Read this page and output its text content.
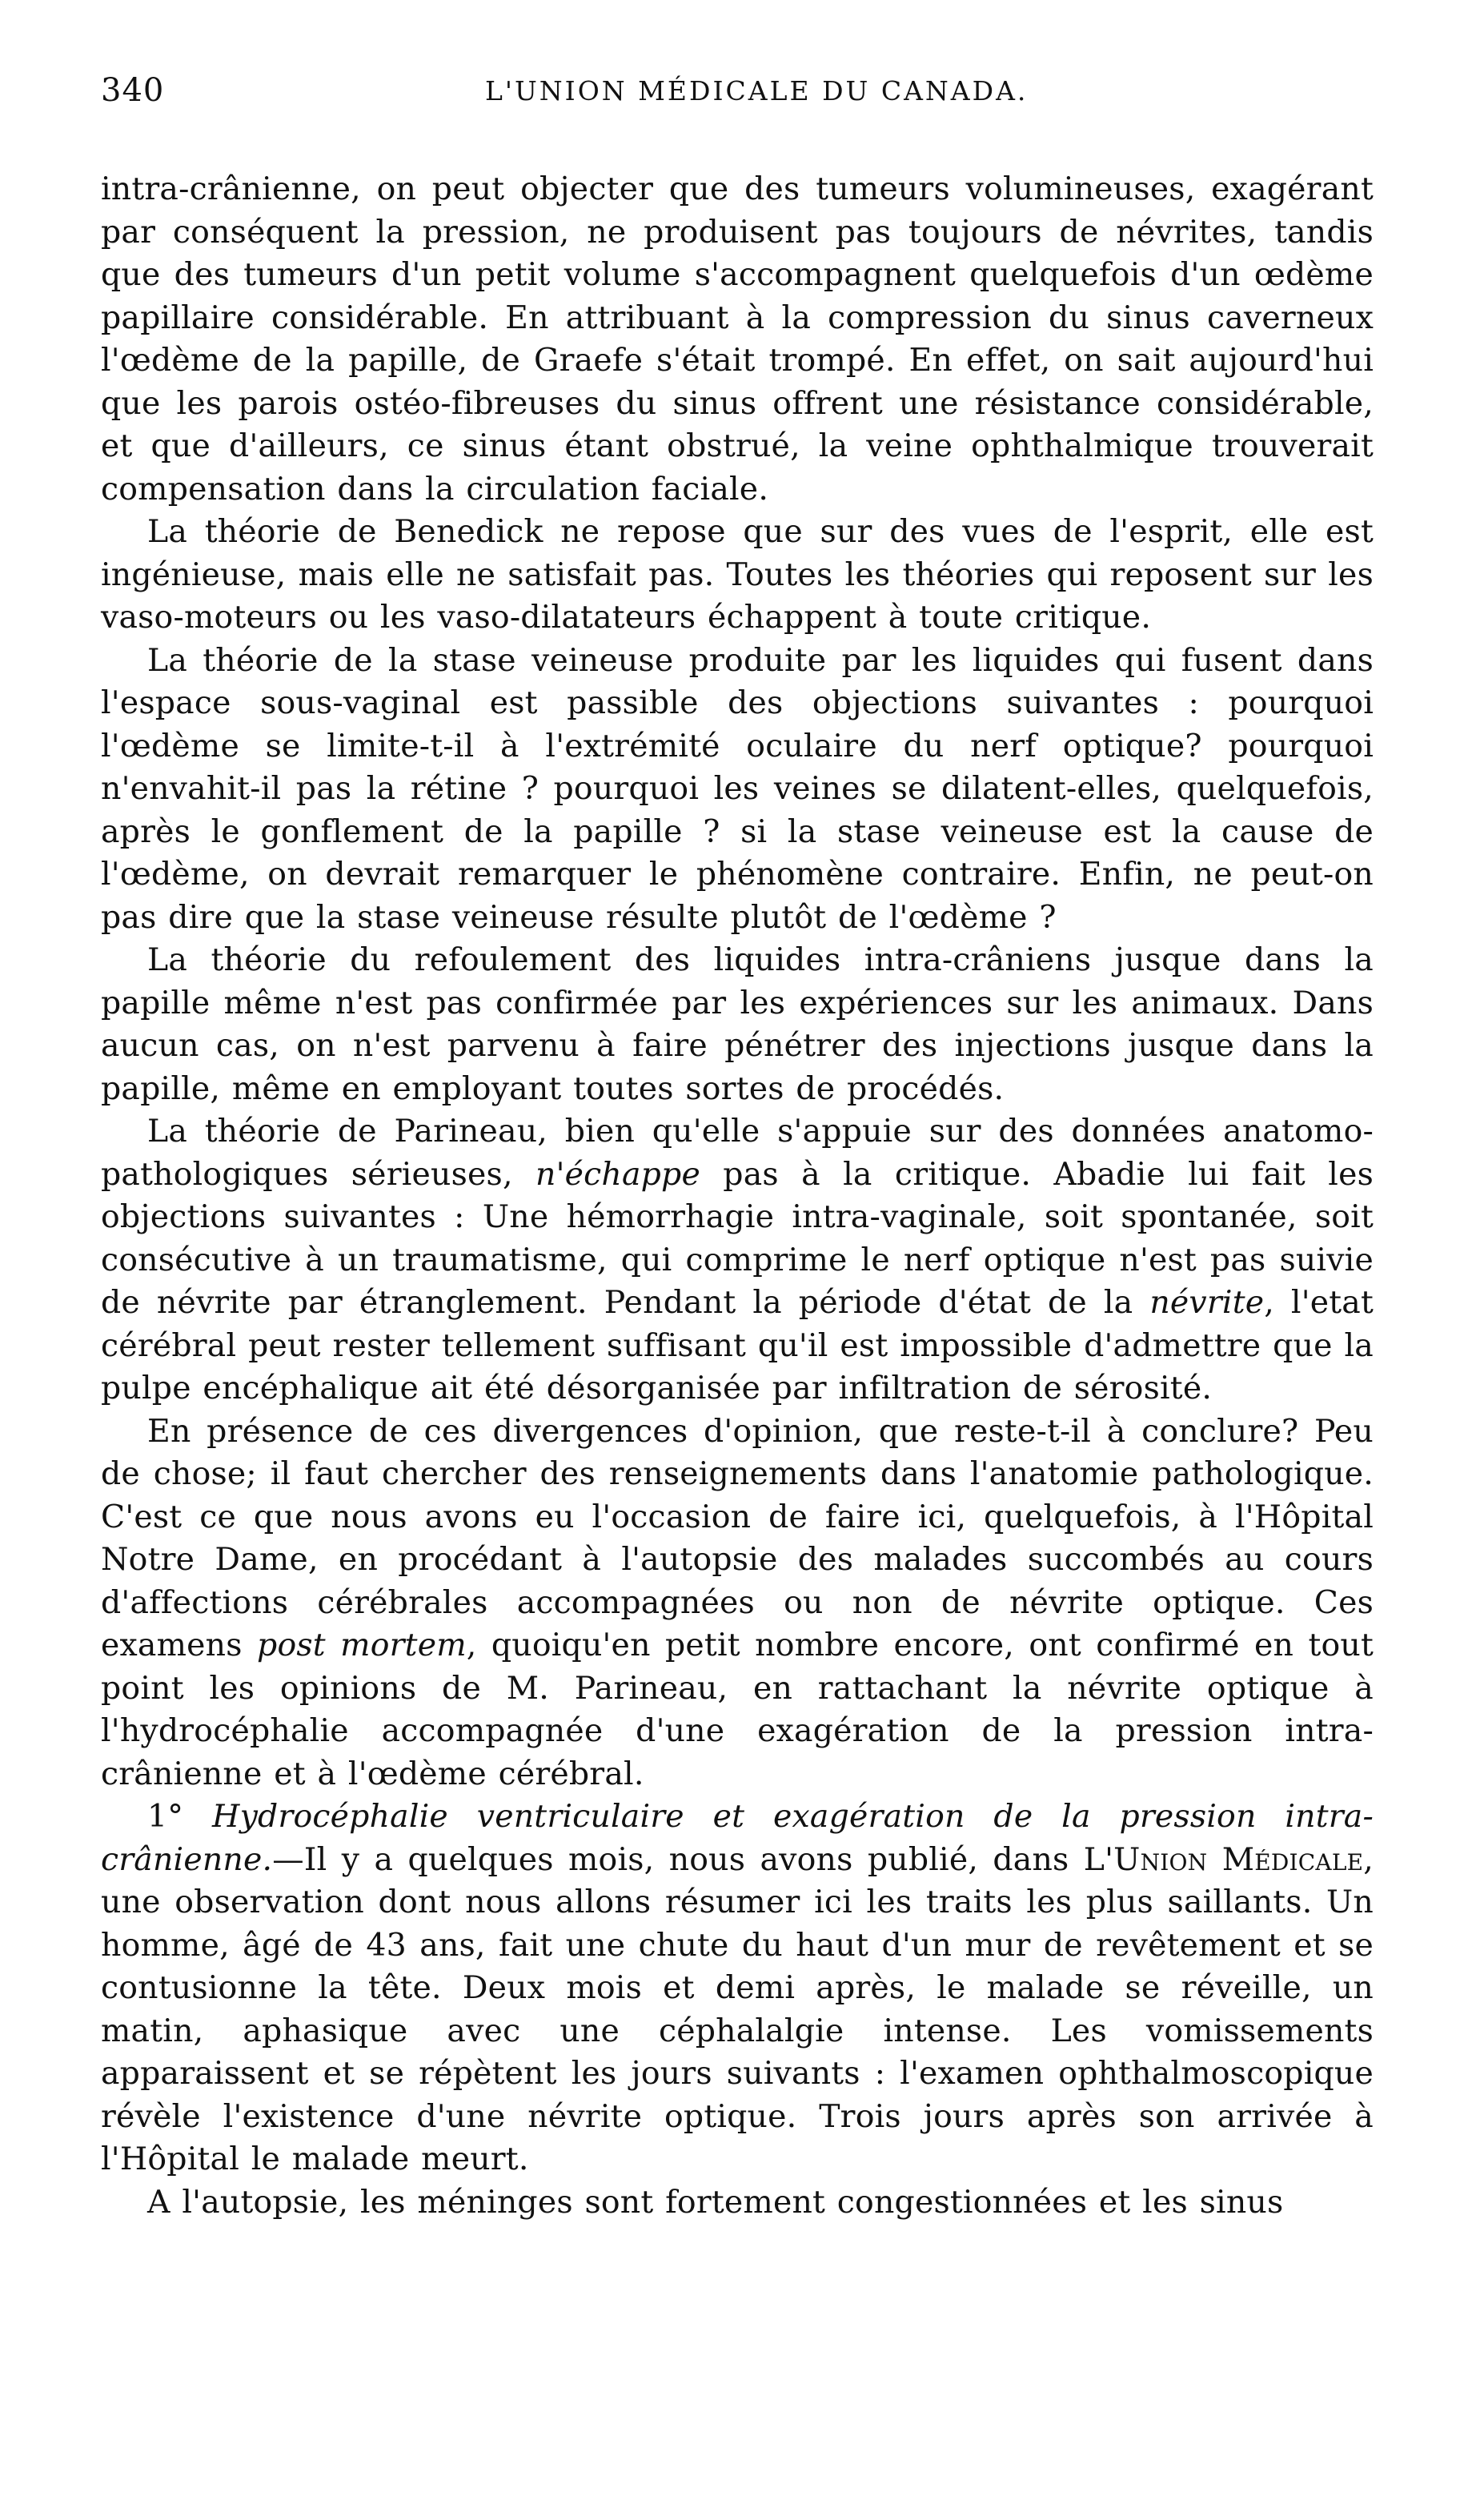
340	L'UNION MÉDICALE DU CANADA.

intra-crânienne, on peut objecter que des tumeurs volumineuses, exagérant par conséquent la pression, ne produisent pas toujours de névrites, tandis que des tumeurs d'un petit volume s'accompagnent quelquefois d'un œdème papillaire considérable. En attribuant à la compression du sinus caverneux l'œdème de la papille, de Graefe s'était trompé. En effet, on sait aujourd'hui que les parois ostéo-fibreuses du sinus offrent une résistance considérable, et que d'ailleurs, ce sinus étant obstrué, la veine ophthalmique trouverait compensation dans la circulation faciale.

La théorie de Benedick ne repose que sur des vues de l'esprit, elle est ingénieuse, mais elle ne satisfait pas. Toutes les théories qui reposent sur les vaso-moteurs ou les vaso-dilatateurs échappent à toute critique.

La théorie de la stase veineuse produite par les liquides qui fusent dans l'espace sous-vaginal est passible des objections suivantes : pourquoi l'œdème se limite-t-il à l'extrémité oculaire du nerf optique? pourquoi n'envahit-il pas la rétine ? pourquoi les veines se dilatent-elles, quelquefois, après le gonflement de la papille ? si la stase veineuse est la cause de l'œdème, on devrait remarquer le phénomène contraire. Enfin, ne peut-on pas dire que la stase veineuse résulte plutôt de l'œdème ?

La théorie du refoulement des liquides intra-crâniens jusque dans la papille même n'est pas confirmée par les expériences sur les animaux. Dans aucun cas, on n'est parvenu à faire pénétrer des injections jusque dans la papille, même en employant toutes sortes de procédés.

La théorie de Parineau, bien qu'elle s'appuie sur des données anatomo-pathologiques sérieuses, n'échappe pas à la critique. Abadie lui fait les objections suivantes : Une hémorrhagie intra-vaginale, soit spontanée, soit consécutive à un traumatisme, qui comprime le nerf optique n'est pas suivie de névrite par étranglement. Pendant la période d'état de la névrite, l'etat cérébral peut rester tellement suffisant qu'il est impossible d'admettre que la pulpe encéphalique ait été désorganisée par infiltration de sérosité.

En présence de ces divergences d'opinion, que reste-t-il à conclure? Peu de chose; il faut chercher des renseignements dans l'anatomie pathologique. C'est ce que nous avons eu l'occasion de faire ici, quelquefois, à l'Hôpital Notre Dame, en procédant à l'autopsie des malades succombés au cours d'affections cérébrales accompagnées ou non de névrite optique. Ces examens post mortem, quoiqu'en petit nombre encore, ont confirmé en tout point les opinions de M. Parineau, en rattachant la névrite optique à l'hydrocéphalie accompagnée d'une exagération de la pression intra-crânienne et à l'œdème cérébral.

1° Hydrocéphalie ventriculaire et exagération de la pression intra-crânienne.—Il y a quelques mois, nous avons publié, dans L'Union Médicale, une observation dont nous allons résumer ici les traits les plus saillants. Un homme, âgé de 43 ans, fait une chute du haut d'un mur de revêtement et se contusionne la tête. Deux mois et demi après, le malade se réveille, un matin, aphasique avec une céphalalgie intense. Les vomissements apparaissent et se répètent les jours suivants : l'examen ophthalmoscopique révèle l'existence d'une névrite optique. Trois jours après son arrivée à l'Hôpital le malade meurt.

A l'autopsie, les méninges sont fortement congestionnées et les sinus
